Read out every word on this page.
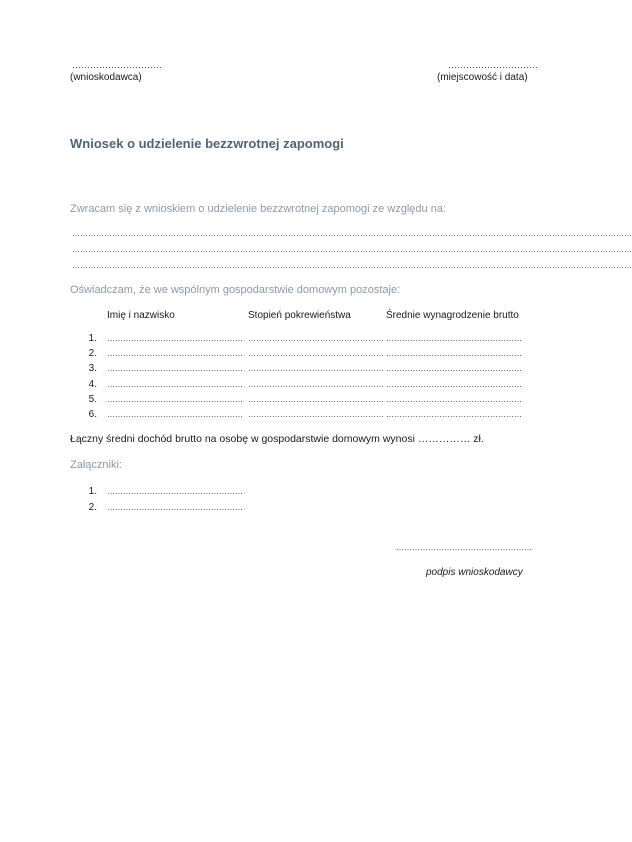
…………………………
(wnioskodawca)
…………………………
(miejscowość i data)
Wniosek o udzielenie bezzwrotnej zapomogi
Zwracam się z wnioskiem o udzielenie bezzwrotnej zapomogi ze względu na:
…………………………………………………………………………………………………………………………………………………………………………………………
…………………………………………………………………………………………………………………………………………………………………………………………
…………………………………………………………………………………………………………………………………………………………………………………………
Oświadczam, że we wspólnym gospodarstwie domowym pozostaje:
Imię i nazwisko	Stopień pokrewieństwa	Średnie wynagrodzenie brutto
1. …………………………………………… …………………………………………… ……………………………………………
2. …………………………………………… …………………………………………… ……………………………………………
3. …………………………………………… …………………………………………… ……………………………………………
4. …………………………………………… …………………………………………… ……………………………………………
5. …………………………………………… …………………………………………… ……………………………………………
6. …………………………………………… …………………………………………… ……………………………………………
Łączny średni dochód brutto na osobę w gospodarstwie domowym wynosi …………… zł.
Załączniki:
1. ……………………………………………
2. ……………………………………………
……………………………………………
podpis wnioskodawcy
